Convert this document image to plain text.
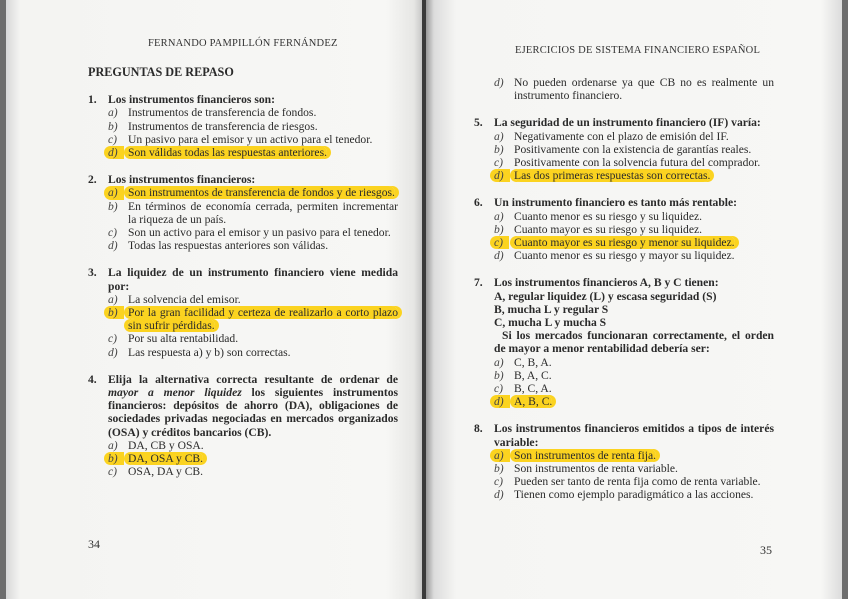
FERNANDO PAMPILLÓN FERNÁNDEZ
PREGUNTAS DE REPASO
1. Los instrumentos financieros son:
a) Instrumentos de transferencia de fondos.
b) Instrumentos de transferencia de riesgos.
c) Un pasivo para el emisor y un activo para el tenedor.
d) Son válidas todas las respuestas anteriores.
2. Los instrumentos financieros:
a) Son instrumentos de transferencia de fondos y de riesgos.
b) En términos de economía cerrada, permiten incrementar la riqueza de un país.
c) Son un activo para el emisor y un pasivo para el tenedor.
d) Todas las respuestas anteriores son válidas.
3. La liquidez de un instrumento financiero viene medida por:
a) La solvencia del emisor.
b) Por la gran facilidad y certeza de realizarlo a corto plazo sin sufrir pérdidas.
c) Por su alta rentabilidad.
d) Las respuesta a) y b) son correctas.
4. Elija la alternativa correcta resultante de ordenar de mayor a menor liquidez los siguientes instrumentos financieros: depósitos de ahorro (DA), obligaciones de sociedades privadas negociadas en mercados organizados (OSA) y créditos bancarios (CB).
a) DA, CB y OSA.
b) DA, OSA y CB.
c) OSA, DA y CB.
34
EJERCICIOS DE SISTEMA FINANCIERO ESPAÑOL
d) No pueden ordenarse ya que CB no es realmente un instrumento financiero.
5. La seguridad de un instrumento financiero (IF) varía:
a) Negativamente con el plazo de emisión del IF.
b) Positivamente con la existencia de garantías reales.
c) Positivamente con la solvencia futura del comprador.
d) Las dos primeras respuestas son correctas.
6. Un instrumento financiero es tanto más rentable:
a) Cuanto menor es su riesgo y su liquidez.
b) Cuanto mayor es su riesgo y su liquidez.
c) Cuanto mayor es su riesgo y menor su liquidez.
d) Cuanto menor es su riesgo y mayor su liquidez.
7. Los instrumentos financieros A, B y C tienen:
A, regular liquidez (L) y escasa seguridad (S)
B, mucha L y regular S
C, mucha L y mucha S
Si los mercados funcionaran correctamente, el orden de mayor a menor rentabilidad debería ser:
a) C, B, A.
b) B, A, C.
c) B, C, A.
d) A, B, C.
8. Los instrumentos financieros emitidos a tipos de interés variable:
a) Son instrumentos de renta fija.
b) Son instrumentos de renta variable.
c) Pueden ser tanto de renta fija como de renta variable.
d) Tienen como ejemplo paradigmático a las acciones.
35
